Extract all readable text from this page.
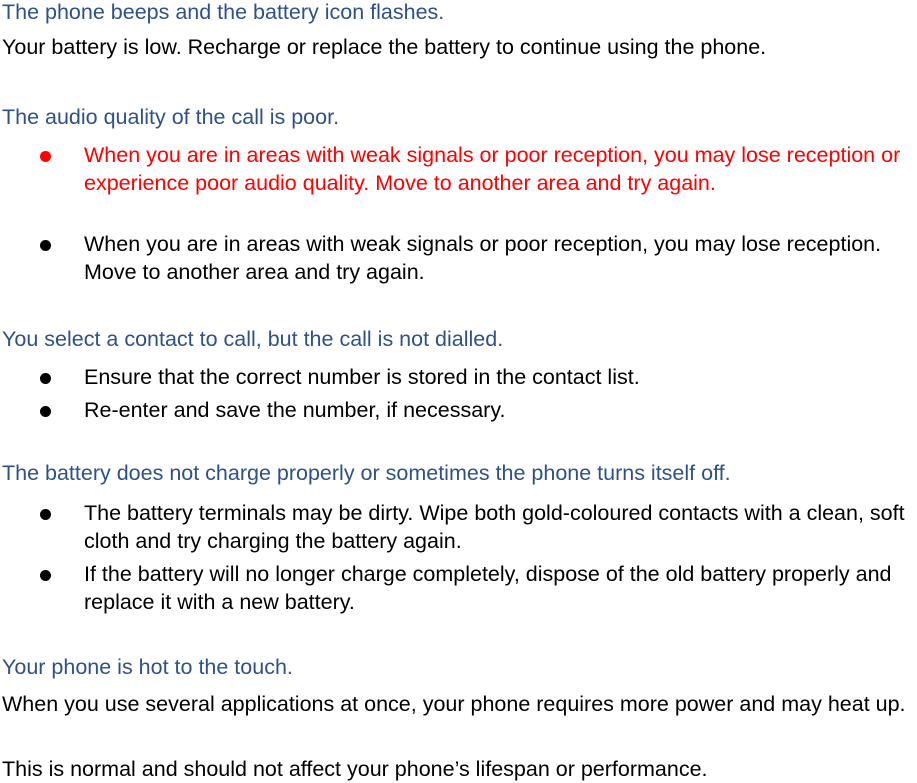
The phone beeps and the battery icon flashes.

Your battery is low. Recharge or replace the battery to continue using the phone.

The audio quality of the call is poor.

When you are in areas with weak signals or poor reception, you may lose reception or experience poor audio quality. Move to another area and try again.

When you are in areas with weak signals or poor reception, you may lose reception. Move to another area and try again.

You select a contact to call, but the call is not dialled.

Ensure that the correct number is stored in the contact list.

Re-enter and save the number, if necessary.

The battery does not charge properly or sometimes the phone turns itself off.

The battery terminals may be dirty. Wipe both gold-coloured contacts with a clean, soft cloth and try charging the battery again.

If the battery will no longer charge completely, dispose of the old battery properly and replace it with a new battery.

Your phone is hot to the touch.

When you use several applications at once, your phone requires more power and may heat up.

This is normal and should not affect your phone’s lifespan or performance.
